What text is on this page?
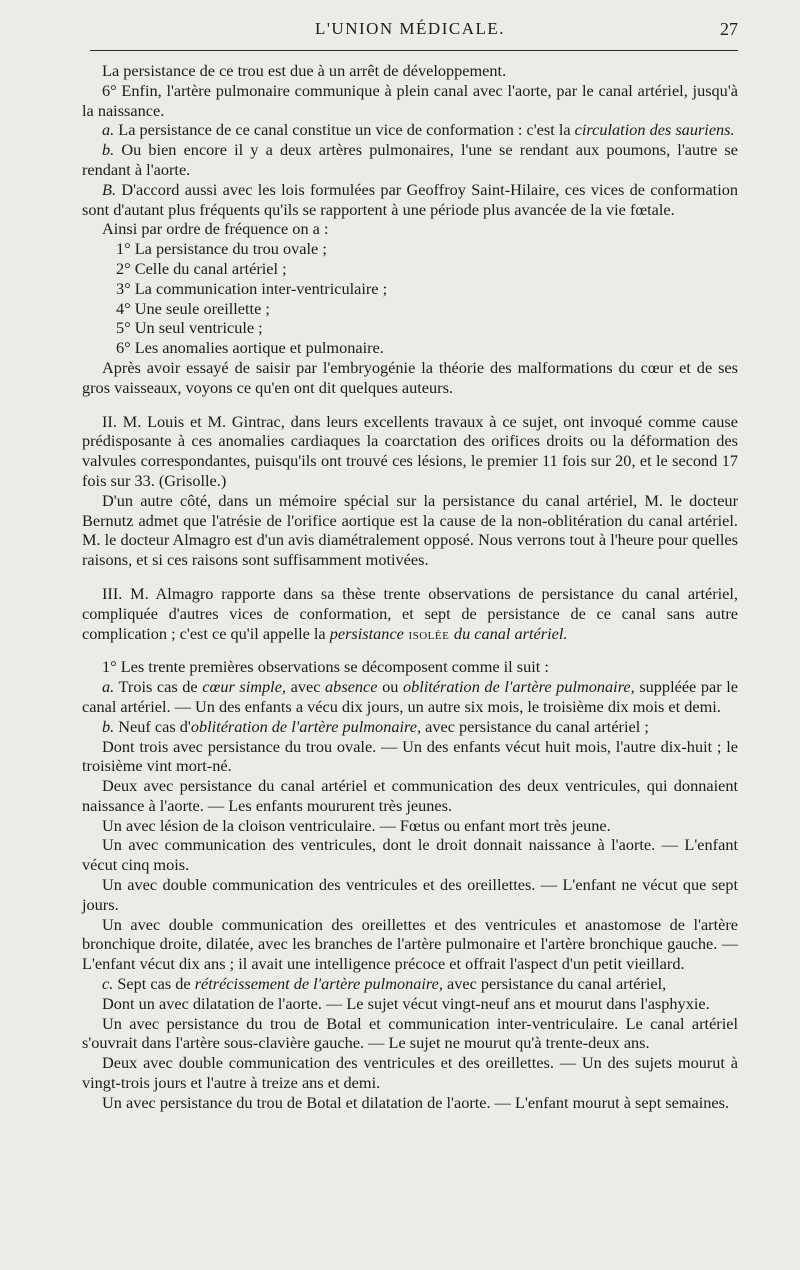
L'UNION MÉDICALE.	27

La persistance de ce trou est due à un arrêt de développement.

6° Enfin, l'artère pulmonaire communique à plein canal avec l'aorte, par le canal artériel, jusqu'à la naissance.

a. La persistance de ce canal constitue un vice de conformation : c'est la circulation des sauriens.

b. Ou bien encore il y a deux artères pulmonaires, l'une se rendant aux poumons, l'autre se rendant à l'aorte.

B. D'accord aussi avec les lois formulées par Geoffroy Saint-Hilaire, ces vices de conformation sont d'autant plus fréquents qu'ils se rapportent à une période plus avancée de la vie fœtale.

Ainsi par ordre de fréquence on a :

1° La persistance du trou ovale ;

2° Celle du canal artériel ;

3° La communication inter-ventriculaire ;

4° Une seule oreillette ;

5° Un seul ventricule ;

6° Les anomalies aortique et pulmonaire.

Après avoir essayé de saisir par l'embryogénie la théorie des malformations du cœur et de ses gros vaisseaux, voyons ce qu'en ont dit quelques auteurs.

II. M. Louis et M. Gintrac, dans leurs excellents travaux à ce sujet, ont invoqué comme cause prédisposante à ces anomalies cardiaques la coarctation des orifices droits ou la déformation des valvules correspondantes, puisqu'ils ont trouvé ces lésions, le premier 11 fois sur 20, et le second 17 fois sur 33. (Grisolle.)

D'un autre côté, dans un mémoire spécial sur la persistance du canal artériel, M. le docteur Bernutz admet que l'atrésie de l'orifice aortique est la cause de la non-oblitération du canal artériel. M. le docteur Almagro est d'un avis diamétralement opposé. Nous verrons tout à l'heure pour quelles raisons, et si ces raisons sont suffisamment motivées.

III. M. Almagro rapporte dans sa thèse trente observations de persistance du canal artériel, compliquée d'autres vices de conformation, et sept de persistance de ce canal sans autre complication ; c'est ce qu'il appelle la persistance isolée du canal artériel.

1° Les trente premières observations se décomposent comme il suit :

a. Trois cas de cœur simple, avec absence ou oblitération de l'artère pulmonaire, suppléée par le canal artériel. — Un des enfants a vécu dix jours, un autre six mois, le troisième dix mois et demi.

b. Neuf cas d'oblitération de l'artère pulmonaire, avec persistance du canal artériel ;

Dont trois avec persistance du trou ovale. — Un des enfants vécut huit mois, l'autre dix-huit ; le troisième vint mort-né.

Deux avec persistance du canal artériel et communication des deux ventricules, qui donnaient naissance à l'aorte. — Les enfants moururent très jeunes.

Un avec lésion de la cloison ventriculaire. — Fœtus ou enfant mort très jeune.

Un avec communication des ventricules, dont le droit donnait naissance à l'aorte. — L'enfant vécut cinq mois.

Un avec double communication des ventricules et des oreillettes. — L'enfant ne vécut que sept jours.

Un avec double communication des oreillettes et des ventricules et anastomose de l'artère bronchique droite, dilatée, avec les branches de l'artère pulmonaire et l'artère bronchique gauche. — L'enfant vécut dix ans ; il avait une intelligence précoce et offrait l'aspect d'un petit vieillard.

c. Sept cas de rétrécissement de l'artère pulmonaire, avec persistance du canal artériel,

Dont un avec dilatation de l'aorte. — Le sujet vécut vingt-neuf ans et mourut dans l'asphyxie.

Un avec persistance du trou de Botal et communication inter-ventriculaire. Le canal artériel s'ouvrait dans l'artère sous-clavière gauche. — Le sujet ne mourut qu'à trente-deux ans.

Deux avec double communication des ventricules et des oreillettes. — Un des sujets mourut à vingt-trois jours et l'autre à treize ans et demi.

Un avec persistance du trou de Botal et dilatation de l'aorte. — L'enfant mourut à sept semaines.
